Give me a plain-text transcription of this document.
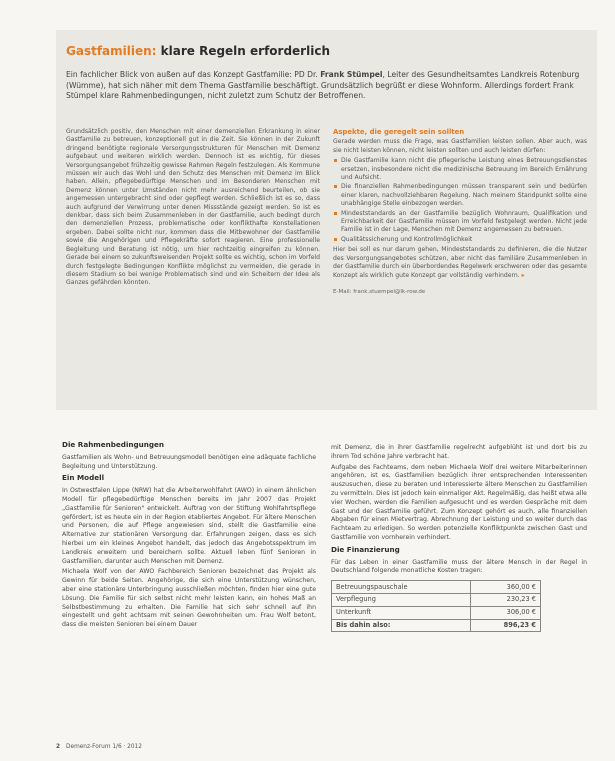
Gastfamilien: klare Regeln erforderlich
Ein fachlicher Blick von außen auf das Konzept Gastfamilie: PD Dr. Frank Stümpel, Leiter des Gesundheitsamtes Landkreis Rotenburg (Wümme), hat sich näher mit dem Thema Gastfamilie beschäftigt. Grundsätzlich begrüßt er diese Wohnform. Allerdings fordert Frank Stümpel klare Rahmenbedingungen, nicht zuletzt zum Schutz der Betroffenen.

Grundsätzlich positiv, den Menschen mit einer demenziellen Erkrankung in einer Gastfamilie zu betreuen, konzeptionell gut in die Zeit. Sie können in der Zukunft dringend benötigte regionale Versorgungsstrukturen für Menschen mit Demenz aufgebaut und weiteren wirklich werden. Dennoch ist es wichtig, für dieses Versorgungsangebot frühzeitig gewisse Rahmen Regeln festzulegen. Als Kommune müssen wir auch das Wohl und den Schutz des Menschen mit Demenz im Blick haben. Allein, pflegebedürftige Menschen und im Besonderen Menschen mit Demenz können unter Umständen nicht mehr ausreichend beurteilen, ob sie angemessen untergebracht sind oder gepflegt werden. Schließlich ist es so, dass auch aufgrund der Verwirrung unter denen Missstände gezeigt werden. So ist es denkbar, dass sich beim Zusammenleben in der Gastfamilie, auch bedingt durch den demenziellen Prozess, problematische oder konflikthafte Konstellationen ergeben. Dabei sollte nicht nur, kommen dass die Mitbewohner der Gastfamilie sowie die Angehörigen und Pflegekräfte sofort reagieren. Eine professionelle Begleitung und Beratung ist nötig, um hier rechtzeitig eingreifen zu können. Gerade bei einem so zukunftsweisenden Projekt sollte es wichtig, schon im Vorfeld durch festgelegte Bedingungen Konflikte möglichst zu vermeiden, die gerade in diesem Stadium so bei wenige Problematisch sind und ein Scheitern der Idee als Ganzes gefährden könnten.

Aspekte, die geregelt sein sollten

Gerade werden muss die Frage, was Gastfamilien leisten sollen. Aber auch, was sie nicht leisten können, nicht leisten sollten und auch leisten dürfen:

Die Gastfamilie kann nicht die pflegerische Leistung eines Betreuungsdienstes ersetzen, insbesondere nicht die medizinische Betreuung im Bereich Ernährung und Aufsicht.
Die finanziellen Rahmenbedingungen müssen transparent sein und bedürfen einer klaren, nachvollziehbaren Regelung. Nach meinem Standpunkt sollte eine unabhängige Stelle einbezogen werden.
Mindeststandards an der Gastfamilie bezüglich Wohnraum, Qualifikation und Erreichbarkeit der Gastfamilie müssen im Vorfeld festgelegt werden. Nicht jede Familie ist in der Lage, Menschen mit Demenz angemessen zu betreuen.
Qualitätssicherung und Kontrollmöglichkeit

Hier bei soll es nur darum gehen, Mindeststandards zu definieren, die die Nutzer des Versorgungsangebotes schützen, aber nicht das familiäre Zusammenleben in der Gastfamilie durch ein überbordendes Regelwerk erschweren oder das gesamte Konzept als wirklich gute Konzept gar vollständig verhindern. ▸

E-Mail: frank.stuempel@lk-row.de
Die Rahmenbedingungen

Gastfamilien als Wohn- und Betreuungsmodell benötigen eine adäquate fachliche Begleitung und Unterstützung.

Ein Modell

In Ostwestfalen Lippe (NRW) hat die Arbeiterwohlfahrt (AWO) in einem ähnlichen Modell für pflegebedürftige Menschen bereits im Jahr 2007 das Projekt „Gastfamilie für Senioren" entwickelt. Auftrag von der Stiftung Wohlfahrtspflege gefördert, ist es heute ein in der Region etabliertes Angebot. Für ältere Menschen und Personen, die auf Pflege angewiesen sind, stellt die Gastfamilie eine Alternative zur stationären Versorgung dar. Erfahrungen zeigen, dass es sich hierbei um ein kleines Angebot handelt, das jedoch das Angebotsspektrum im Landkreis erweitern und bereichern sollte. Aktuell leben fünf Senioren in Gastfamilien, darunter auch Menschen mit Demenz.

Michaela Wolf von der AWO Fachbereich Senioren bezeichnet das Projekt als Gewinn für beide Seiten. Angehörige, die sich eine Unterstützung wünschen, aber eine stationäre Unterbringung ausschließen möchten, finden hier eine gute Lösung. Die Familie für sich selbst nicht mehr leisten kann, ein hohes Maß an Selbstbestimmung zu erhalten. Die Familie hat sich sehr schnell auf ihn eingestellt und geht achtsam mit seinen Gewohnheiten um. Frau Wolf betont, dass die meisten Senioren bei einem Dauer

mit Demenz, die in ihrer Gastfamilie regelrecht aufgeblüht ist und dort bis zu ihrem Tod schöne Jahre verbracht hat.

Aufgabe des Fachteams, dem neben Michaela Wolf drei weitere Mitarbeiterinnen angehören, ist es, Gastfamilien bezüglich ihrer entsprechenden Interessenten auszusuchen, diese zu beraten und Interessierte ältere Menschen zu Gastfamilien zu vermitteln. Dies ist jedoch kein einmaliger Akt. Regelmäßig, das heißt etwa alle vier Wochen, werden die Familien aufgesucht und es werden Gespräche mit dem Gast und der Gastfamilie geführt. Zum Konzept gehört es auch, alle finanziellen Abgaben für einen Mietvertrag. Abrechnung der Leistung und so weiter durch das Fachteam zu erledigen. So werden potenzielle Konfliktpunkte zwischen Gast und Gastfamilie von vornherein verhindert.

Die Finanzierung

Für das Leben in einer Gastfamilie muss der ältere Mensch in der Regel in Deutschland folgende monatliche Kosten tragen:

Betreuungspauschale	360,00 €
Verpflegung	230,23 €
Unterkunft	306,00 €
Bis dahin also:	896,23 €
2 Demenz-Forum 1/6 · 2012
